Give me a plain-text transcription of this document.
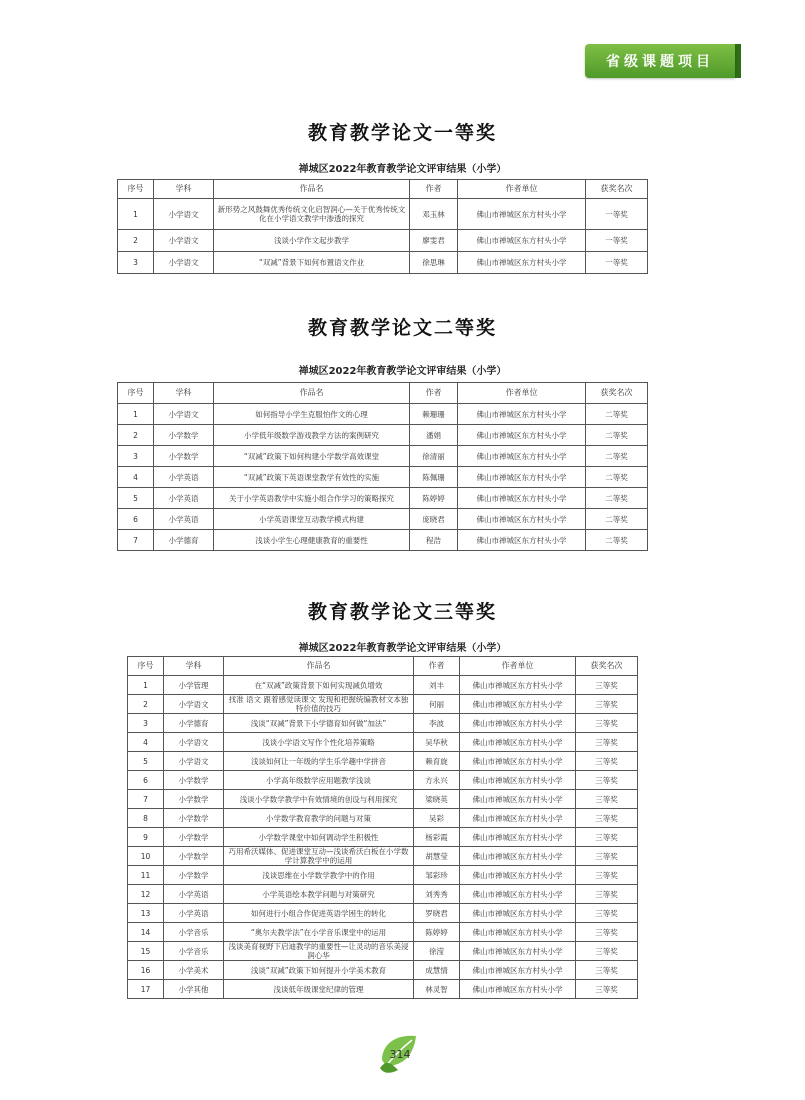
省级课题项目
教育教学论文一等奖

禅城区2022年教育教学论文评审结果（小学）

序号	学科	作品名	作者	作者单位	获奖名次
1	小学语文	新形势之风鼓舞优秀传统文化启智润心—关于优秀传统文化在小学语文教学中渗透的探究	邓玉林	佛山市禅城区东方村头小学	一等奖
2	小学语文	浅谈小学作文起步教学	廖雯君	佛山市禅城区东方村头小学	一等奖
3	小学语文	“双减”背景下如何布置语文作业	徐思琳	佛山市禅城区东方村头小学	一等奖
教育教学论文二等奖

禅城区2022年教育教学论文评审结果（小学）

序号	学科	作品名	作者	作者单位	获奖名次
1	小学语文	如何指导小学生克服怕作文的心理	赖珊珊	佛山市禅城区东方村头小学	二等奖
2	小学数学	小学低年级数学游戏教学方法的案例研究	潘娟	佛山市禅城区东方村头小学	二等奖
3	小学数学	“双减”政策下如何构建小学数学高效课堂	徐清丽	佛山市禅城区东方村头小学	二等奖
4	小学英语	“双减”政策下英语课堂教学有效性的实施	陈佩珊	佛山市禅城区东方村头小学	二等奖
5	小学英语	关于小学英语教学中实施小组合作学习的策略探究	陈婷婷	佛山市禅城区东方村头小学	二等奖
6	小学英语	小学英语课堂互动教学模式构建	庞晓君	佛山市禅城区东方村头小学	二等奖
7	小学德育	浅谈小学生心理健康教育的重要性	程浩	佛山市禅城区东方村头小学	二等奖
教育教学论文三等奖

禅城区2022年教育教学论文评审结果（小学）

序号	学科	作品名	作者	作者单位	获奖名次
1	小学管理	在“双减”政策背景下如何实现减负增效	刘丰	佛山市禅城区东方村头小学	三等奖
2	小学语文	找准 语文 跟着感觉读课文 发现和把握统编教材文本独特价值的技巧	何丽	佛山市禅城区东方村头小学	三等奖
3	小学德育	浅谈“双减”背景下小学德育如何做“加法”	李波	佛山市禅城区东方村头小学	三等奖
4	小学语文	浅谈小学语文写作个性化培养策略	吴华秋	佛山市禅城区东方村头小学	三等奖
5	小学语文	浅谈如何让一年级的学生乐学趣中学拼音	赖育旋	佛山市禅城区东方村头小学	三等奖
6	小学数学	小学高年级数学应用题教学浅谈	方永兴	佛山市禅城区东方村头小学	三等奖
7	小学数学	浅谈小学数学教学中有效情境的创设与利用探究	梁晓英	佛山市禅城区东方村头小学	三等奖
8	小学数学	小学数学教育教学的问题与对策	吴彩	佛山市禅城区东方村头小学	三等奖
9	小学数学	小学数学课堂中如何调动学生积极性	杨彩霞	佛山市禅城区东方村头小学	三等奖
10	小学数学	巧用希沃媒体、促进课堂互动—浅谈希沃白板在小学数学计算教学中的运用	胡慧莹	佛山市禅城区东方村头小学	三等奖
11	小学数学	浅谈思维在小学数学教学中的作用	邹彩珍	佛山市禅城区东方村头小学	三等奖
12	小学英语	小学英语绘本教学问题与对策研究	刘秀秀	佛山市禅城区东方村头小学	三等奖
13	小学英语	如何进行小组合作促进英语学困生的转化	罗晓君	佛山市禅城区东方村头小学	三等奖
14	小学音乐	“奥尔夫教学法”在小学音乐课堂中的运用	陈婷婷	佛山市禅城区东方村头小学	三等奖
15	小学音乐	浅谈美育视野下启迪教学的重要性—让灵动的音乐美浸润心华	徐滢	佛山市禅城区东方村头小学	三等奖
16	小学美术	浅谈“双减”政策下如何提升小学美术教育	成慧情	佛山市禅城区东方村头小学	三等奖
17	小学其他	浅谈低年级课堂纪律的管理	林灵智	佛山市禅城区东方村头小学	三等奖
314
